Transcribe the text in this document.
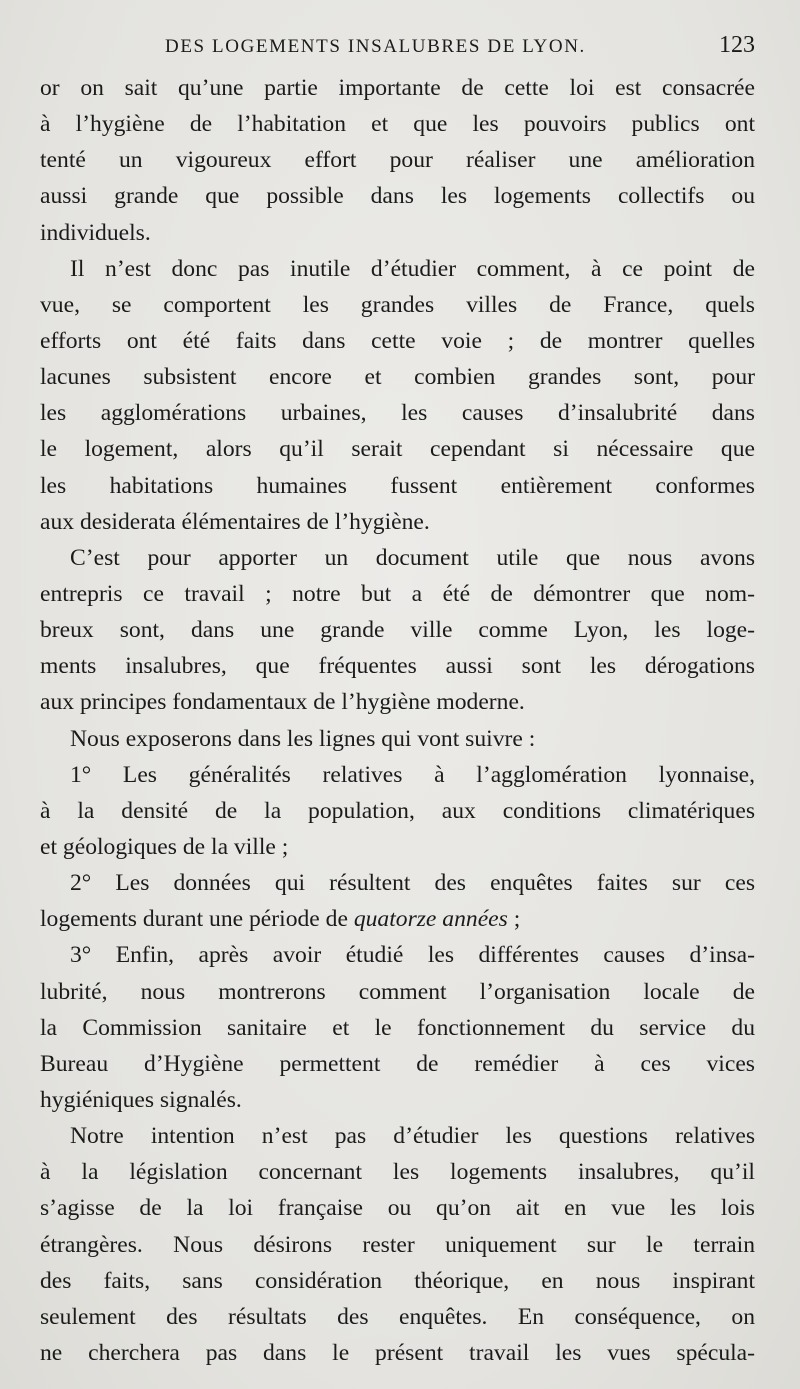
DES LOGEMENTS INSALUBRES DE LYON.	123
or on sait qu’une partie importante de cette loi est consacrée
à l’hygiène de l’habitation et que les pouvoirs publics ont
tenté un vigoureux effort pour réaliser une amélioration
aussi grande que possible dans les logements collectifs ou
individuels.
Il n’est donc pas inutile d’étudier comment, à ce point de
vue, se comportent les grandes villes de France, quels
efforts ont été faits dans cette voie ; de montrer quelles
lacunes subsistent encore et combien grandes sont, pour
les agglomérations urbaines, les causes d’insalubrité dans
le logement, alors qu’il serait cependant si nécessaire que
les habitations humaines fussent entièrement conformes
aux desiderata élémentaires de l’hygiène.
C’est pour apporter un document utile que nous avons
entrepris ce travail ; notre but a été de démontrer que nom-
breux sont, dans une grande ville comme Lyon, les loge-
ments insalubres, que fréquentes aussi sont les dérogations
aux principes fondamentaux de l’hygiène moderne.
Nous exposerons dans les lignes qui vont suivre :
1° Les généralités relatives à l’agglomération lyonnaise,
à la densité de la population, aux conditions climatériques
et géologiques de la ville ;
2° Les données qui résultent des enquêtes faites sur ces
logements durant une période de quatorze années ;
3° Enfin, après avoir étudié les différentes causes d’insa-
lubrité, nous montrerons comment l’organisation locale de
la Commission sanitaire et le fonctionnement du service du
Bureau d’Hygiène permettent de remédier à ces vices
hygiéniques signalés.
Notre intention n’est pas d’étudier les questions relatives
à la législation concernant les logements insalubres, qu’il
s’agisse de la loi française ou qu’on ait en vue les lois
étrangères. Nous désirons rester uniquement sur le terrain
des faits, sans considération théorique, en nous inspirant
seulement des résultats des enquêtes. En conséquence, on
ne cherchera pas dans le présent travail les vues spécula-
